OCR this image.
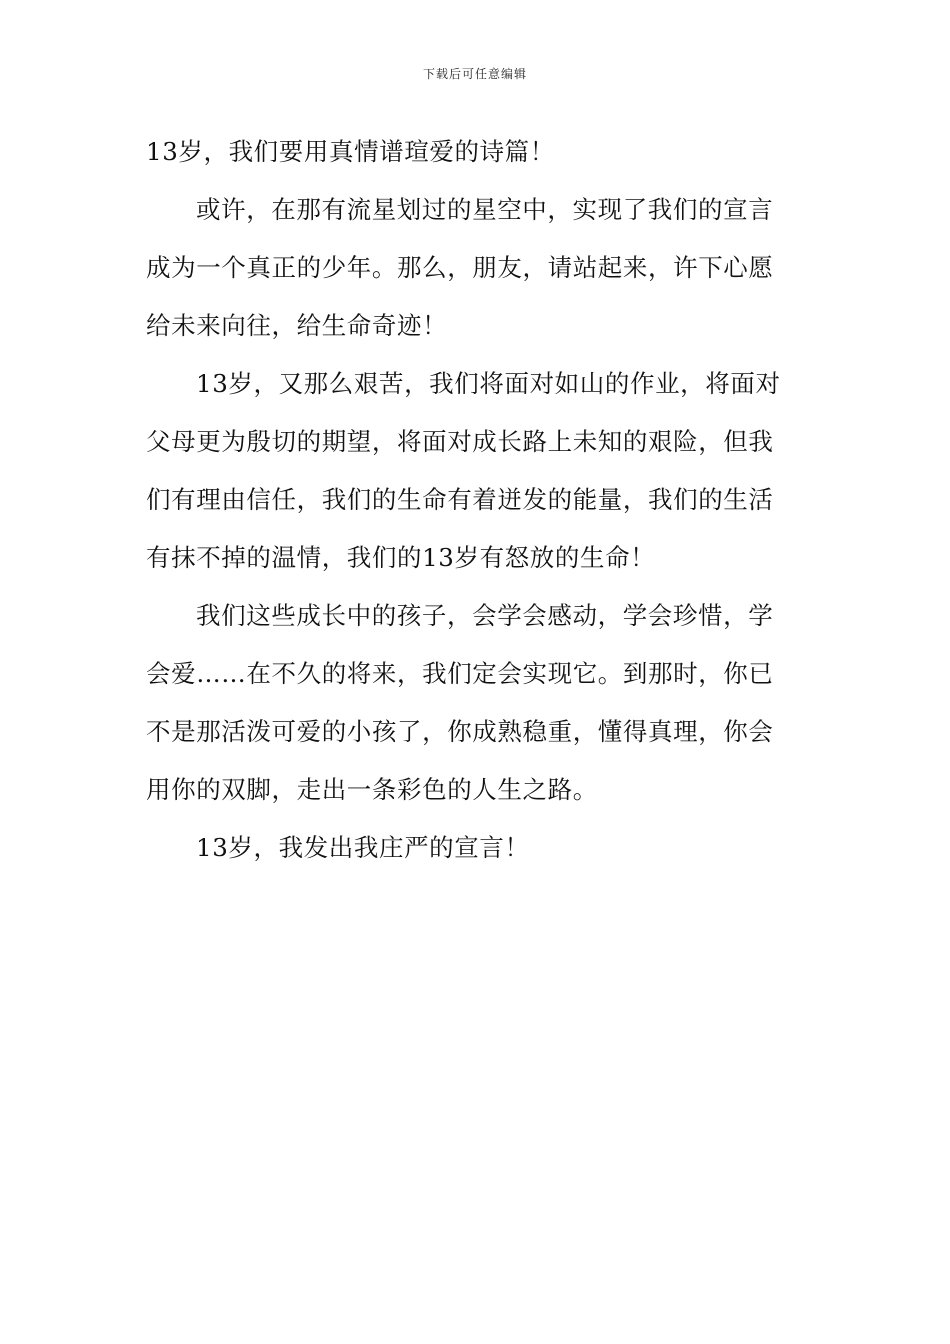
下载后可任意编辑
13岁，我们要用真情谱瑄爱的诗篇！
或许，在那有流星划过的星空中，实现了我们的宣言
成为一个真正的少年。那么，朋友，请站起来，许下心愿
给未来向往，给生命奇迹！
13岁，又那么艰苦，我们将面对如山的作业，将面对
父母更为殷切的期望，将面对成长路上未知的艰险，但我
们有理由信任，我们的生命有着迸发的能量，我们的生活
有抹不掉的温情，我们的13岁有怒放的生命！
我们这些成长中的孩子，会学会感动，学会珍惜，学
会爱……在不久的将来，我们定会实现它。到那时，你已
不是那活泼可爱的小孩了，你成熟稳重，懂得真理，你会
用你的双脚，走出一条彩色的人生之路。
13岁，我发出我庄严的宣言！
